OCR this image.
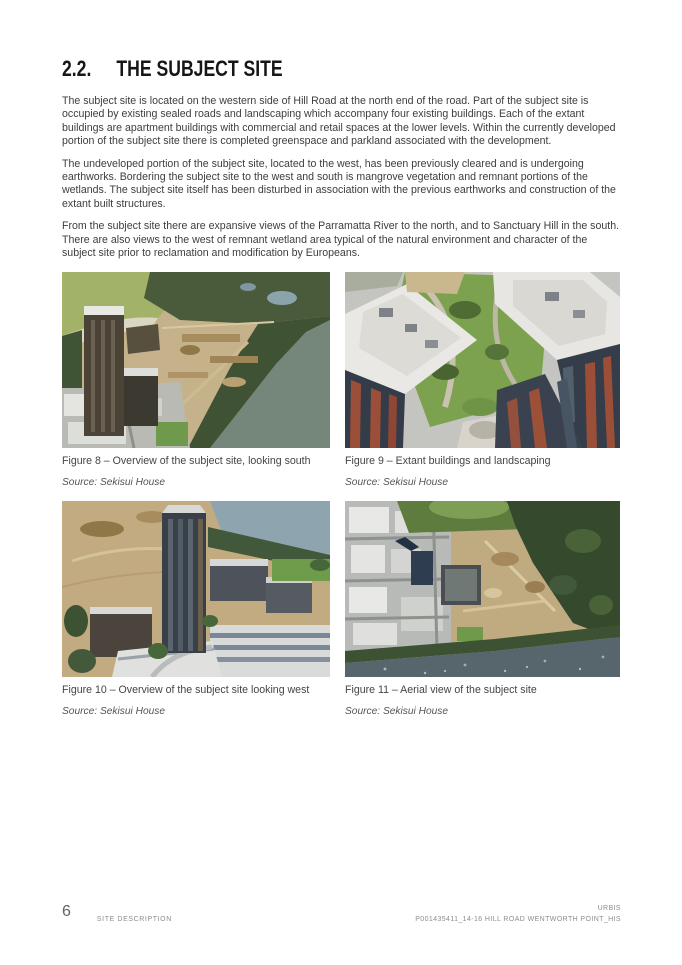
2.2.	THE SUBJECT SITE

The subject site is located on the western side of Hill Road at the north end of the road. Part of the subject site is occupied by existing sealed roads and landscaping which accompany four existing buildings. Each of the extant buildings are apartment buildings with commercial and retail spaces at the lower levels. Within the currently developed portion of the subject site there is completed greenspace and parkland associated with the development.

The undeveloped portion of the subject site, located to the west, has been previously cleared and is undergoing earthworks. Bordering the subject site to the west and south is mangrove vegetation and remnant portions of the wetlands. The subject site itself has been disturbed in association with the previous earthworks and construction of the extant built structures.

From the subject site there are expansive views of the Parramatta River to the north, and to Sanctuary Hill in the south. There are also views to the west of remnant wetland area typical of the natural environment and character of the subject site prior to reclamation and modification by Europeans.

Figure 8 – Overview of the subject site, looking south
Source: Sekisui House
Figure 9 – Extant buildings and landscaping
Source: Sekisui House
Figure 10 – Overview of the subject site looking west
Source: Sekisui House
Figure 11 – Aerial view of the subject site
Source: Sekisui House
6	SITE DESCRIPTION
URBIS
P001435411_14-16 HILL ROAD WENTWORTH POINT_HIS
